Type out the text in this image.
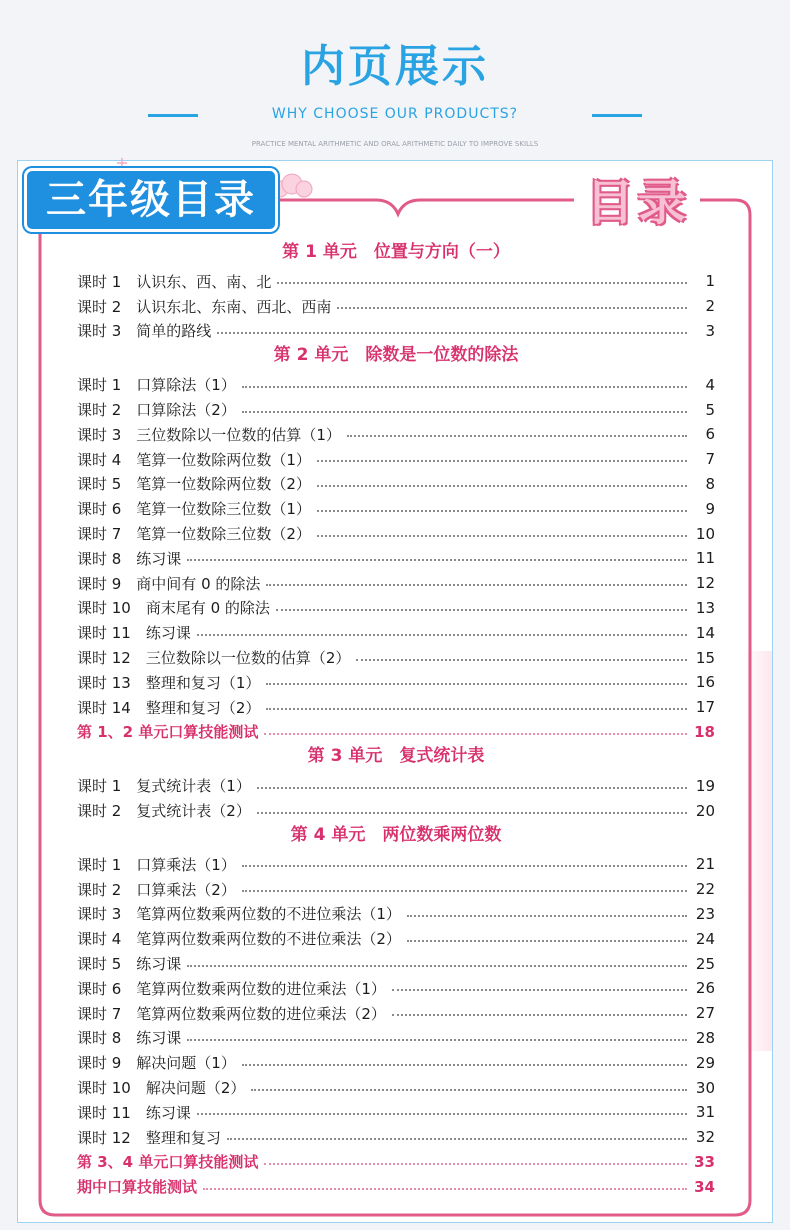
内页展示
WHY CHOOSE OUR PRODUCTS?
PRACTICE MENTAL ARITHMETIC AND ORAL ARITHMETIC DAILY TO IMPROVE SKILLS
三年级目录	目录
第 1 单元　位置与方向（一）
课时 1　认识东、西、南、北	1
课时 2　认识东北、东南、西北、西南	2
课时 3　简单的路线	3
第 2 单元　除数是一位数的除法
课时 1　口算除法（1）	4
课时 2　口算除法（2）	5
课时 3　三位数除以一位数的估算（1）	6
课时 4　笔算一位数除两位数（1）	7
课时 5　笔算一位数除两位数（2）	8
课时 6　笔算一位数除三位数（1）	9
课时 7　笔算一位数除三位数（2）	10
课时 8　练习课	11
课时 9　商中间有 0 的除法	12
课时 10　商末尾有 0 的除法	13
课时 11　练习课	14
课时 12　三位数除以一位数的估算（2）	15
课时 13　整理和复习（1）	16
课时 14　整理和复习（2）	17
第 1、2 单元口算技能测试	18
第 3 单元　复式统计表
课时 1　复式统计表（1）	19
课时 2　复式统计表（2）	20
第 4 单元　两位数乘两位数
课时 1　口算乘法（1）	21
课时 2　口算乘法（2）	22
课时 3　笔算两位数乘两位数的不进位乘法（1）	23
课时 4　笔算两位数乘两位数的不进位乘法（2）	24
课时 5　练习课	25
课时 6　笔算两位数乘两位数的进位乘法（1）	26
课时 7　笔算两位数乘两位数的进位乘法（2）	27
课时 8　练习课	28
课时 9　解决问题（1）	29
课时 10　解决问题（2）	30
课时 11　练习课	31
课时 12　整理和复习	32
第 3、4 单元口算技能测试	33
期中口算技能测试	34
